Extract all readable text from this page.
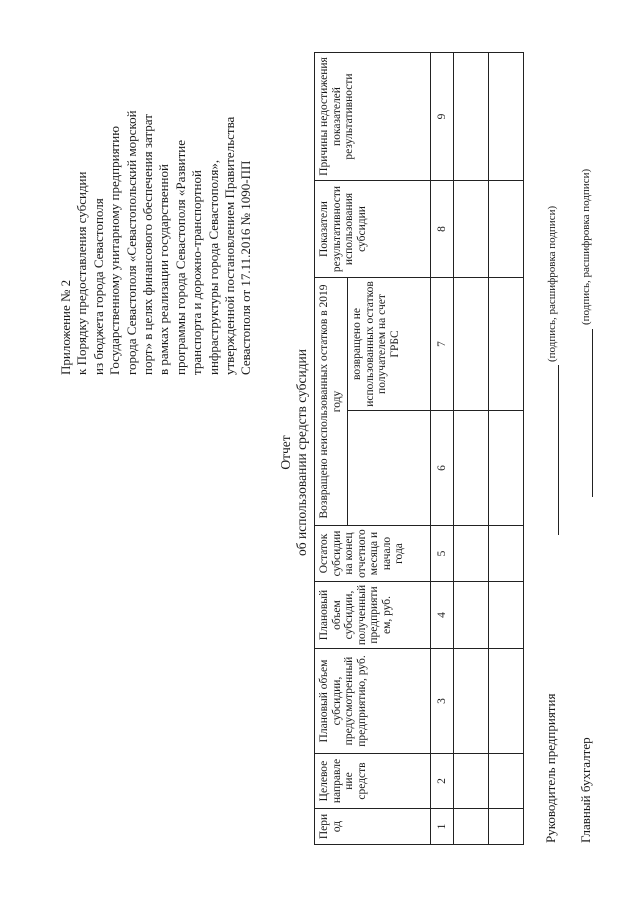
Приложение № 2 к Порядку предоставления субсидии из бюджета города Севастополя Государственному унитарному предприятию города Севастополя «Севастопольский морской порт» в целях финансового обеспечения затрат в рамках реализации государственной программы города Севастополя «Развитие транспорта и дорожно-транспортной инфраструктуры города Севастополя», утвержденной постановлением Правительства Севастополя от 17.11.2016 № 1090-ПП
Отчет об использовании средств субсидии
Период	Целевое направление средств	Плановый объем субсидии, предусмотренный предприятию, руб.	Плановый объем субсидии, полученный предприятием, руб.	Остаток субсидии на конец отчетного месяца и начало года	Возвращено неиспользованных остатков в 2019 году		Показатели результативности использования субсидии	Причины недостижения показателей результативности
						возвращено не использованных остатков получателем на счет ГРБС		
1	2	3	4	5	6	7	8	9

Руководитель предприятия
(подпись, расшифровка подписи)
Главный бухгалтер
(подпись, расшифровка подписи)
